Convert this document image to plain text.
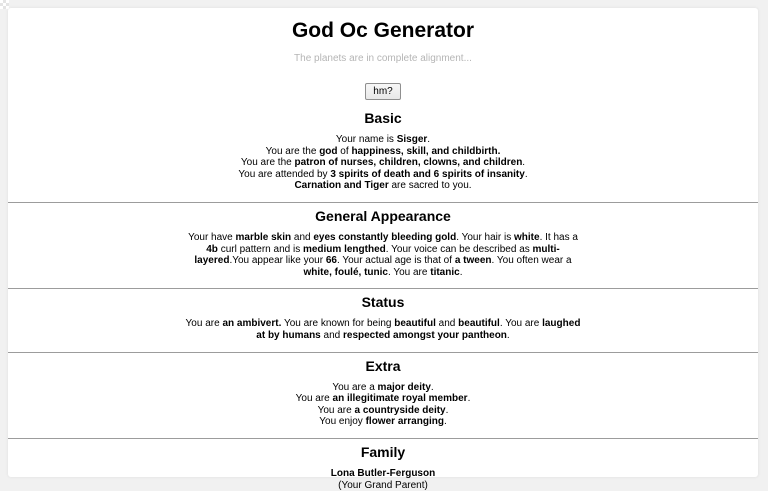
God Oc Generator
The planets are in complete alignment...
hm?
Basic
Your name is Sisger.
You are the god of happiness, skill, and childbirth.
You are the patron of nurses, children, clowns, and children.
You are attended by 3 spirits of death and 6 spirits of insanity.
Carnation and Tiger are sacred to you.
General Appearance
Your have marble skin and eyes constantly bleeding gold. Your hair is white. It has a 4b curl pattern and is medium lengthed. Your voice can be described as multi-layered.You appear like your 66. Your actual age is that of a tween. You often wear a white, foulé, tunic. You are titanic.
Status
You are an ambivert. You are known for being beautiful and beautiful. You are laughed at by humans and respected amongst your pantheon.
Extra
You are a major deity.
You are an illegitimate royal member.
You are a countryside deity.
You enjoy flower arranging.
Family
Lona Butler-Ferguson
(Your Grand Parent)
